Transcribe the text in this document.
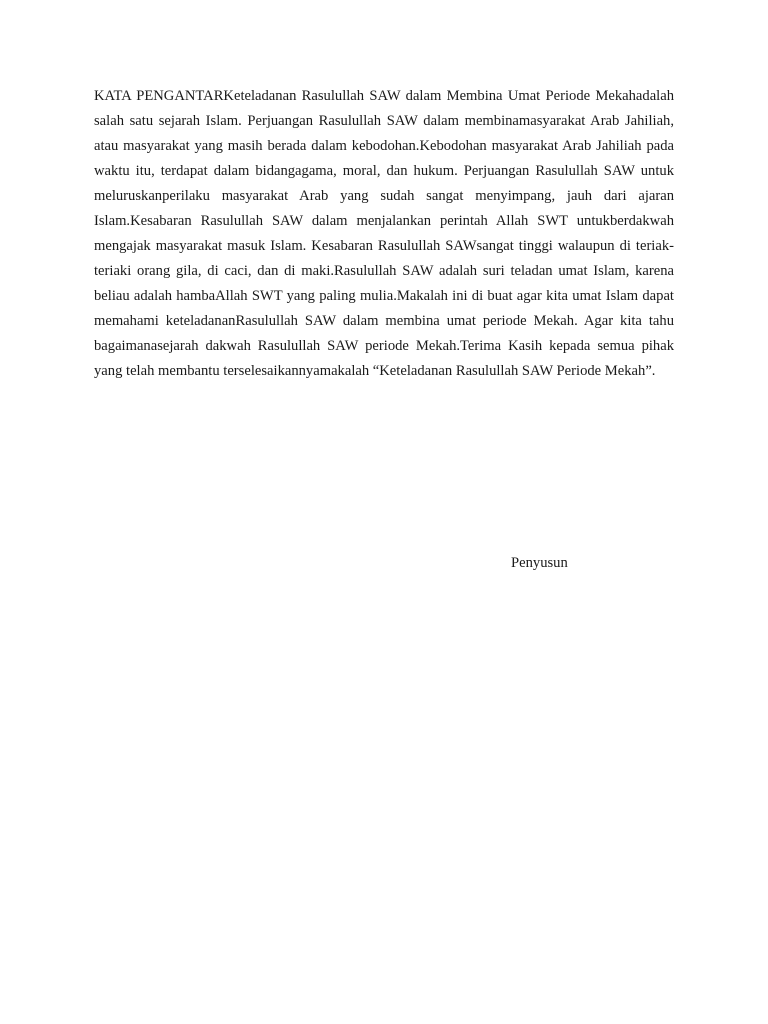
KATA PENGANTARKeteladanan Rasulullah SAW dalam Membina Umat Periode Mekahadalah salah satu sejarah Islam. Perjuangan Rasulullah SAW dalam membinamasyarakat Arab Jahiliah, atau masyarakat yang masih berada dalam kebodohan.Kebodohan masyarakat Arab Jahiliah pada waktu itu, terdapat dalam bidangagama, moral, dan hukum. Perjuangan Rasulullah SAW untuk meluruskanperilaku masyarakat Arab yang sudah sangat menyimpang, jauh dari ajaran Islam.Kesabaran Rasulullah SAW dalam menjalankan perintah Allah SWT untukberdakwah mengajak masyarakat masuk Islam. Kesabaran Rasulullah SAWsangat tinggi walaupun di teriak-teriaki orang gila, di caci, dan di maki.Rasulullah SAW adalah suri teladan umat Islam, karena beliau adalah hambaAllah SWT yang paling mulia.Makalah ini di buat agar kita umat Islam dapat memahami keteladananRasulullah SAW dalam membina umat periode Mekah. Agar kita tahu bagaimanasejarah dakwah Rasulullah SAW periode Mekah.Terima Kasih kepada semua pihak yang telah membantu terselesaikannyamakalah “Keteladanan Rasulullah SAW Periode Mekah”.

Penyusun
